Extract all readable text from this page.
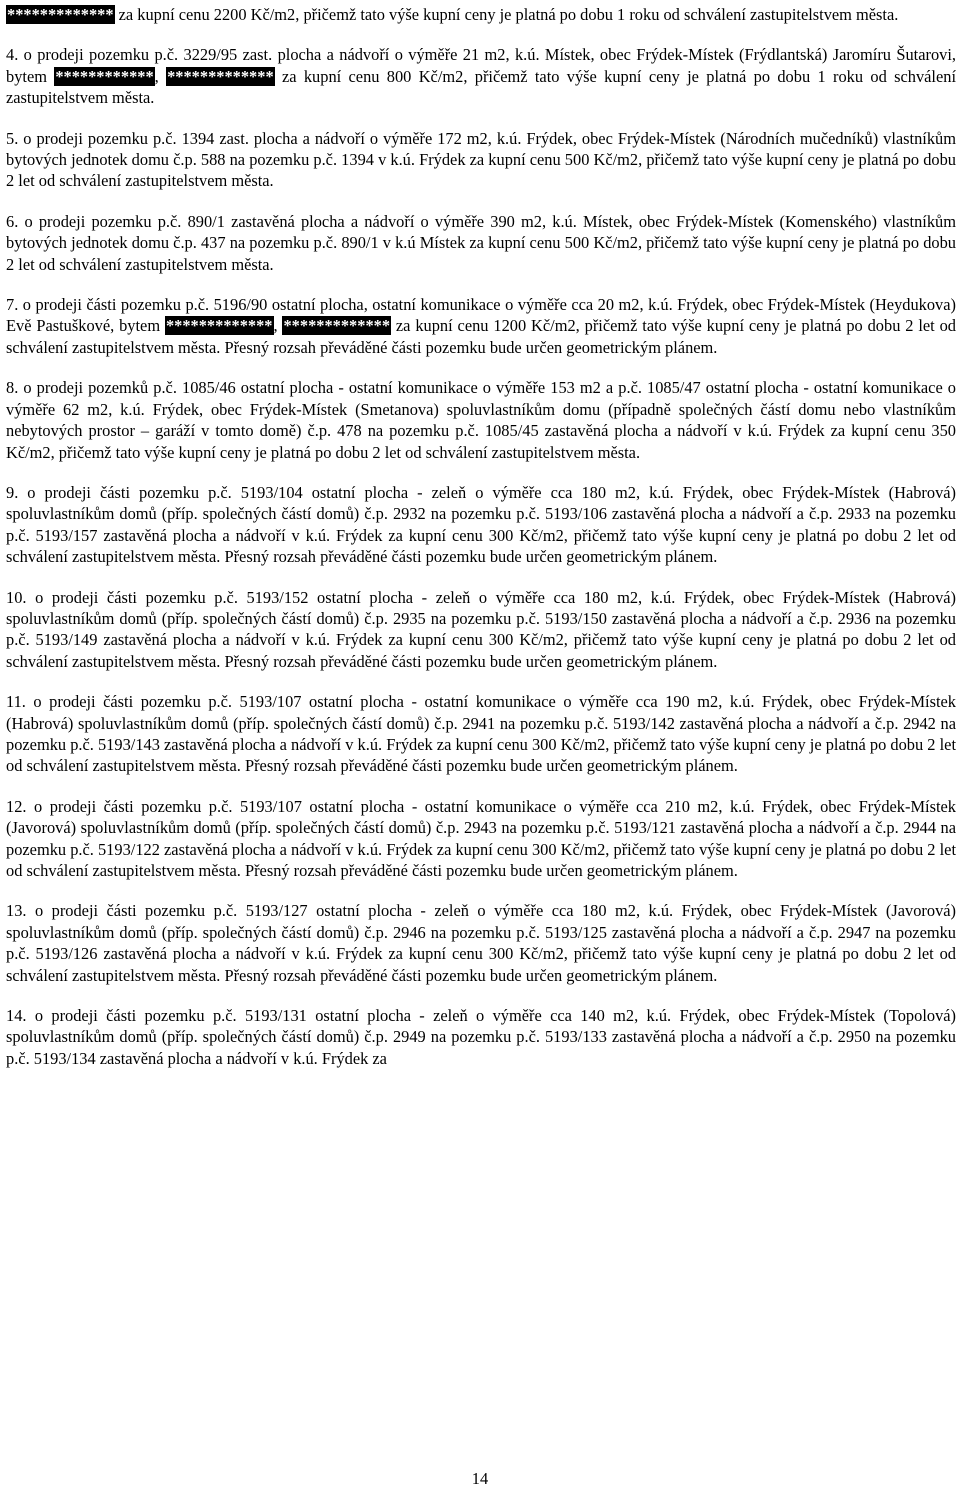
************* za kupní cenu 2200 Kč/m2, přičemž tato výše kupní ceny je platná po dobu 1 roku od schválení zastupitelstvem města.

4. o prodeji pozemku p.č. 3229/95 zast. plocha a nádvoří o výměře 21 m2, k.ú. Místek, obec Frýdek-Místek (Frýdlantská) Jaromíru Šutarovi, bytem ************, ************* za kupní cenu 800 Kč/m2, přičemž tato výše kupní ceny je platná po dobu 1 roku od schválení zastupitelstvem města.

5. o prodeji pozemku p.č. 1394 zast. plocha a nádvoří o výměře 172 m2, k.ú. Frýdek, obec Frýdek-Místek (Národních mučedníků) vlastníkům bytových jednotek domu č.p. 588 na pozemku p.č. 1394 v k.ú. Frýdek za kupní cenu 500 Kč/m2, přičemž tato výše kupní ceny je platná po dobu 2 let od schválení zastupitelstvem města.

6. o prodeji pozemku p.č. 890/1 zastavěná plocha a nádvoří o výměře 390 m2, k.ú. Místek, obec Frýdek-Místek (Komenského) vlastníkům bytových jednotek domu č.p. 437 na pozemku p.č. 890/1 v k.ú Místek za kupní cenu 500 Kč/m2, přičemž tato výše kupní ceny je platná po dobu 2 let od schválení zastupitelstvem města.

7. o prodeji části pozemku p.č. 5196/90 ostatní plocha, ostatní komunikace o výměře cca 20 m2, k.ú. Frýdek, obec Frýdek-Místek (Heydukova) Evě Pastuškové, bytem *************, ************* za kupní cenu 1200 Kč/m2, přičemž tato výše kupní ceny je platná po dobu 2 let od schválení zastupitelstvem města. Přesný rozsah převáděné části pozemku bude určen geometrickým plánem.

8. o prodeji pozemků p.č. 1085/46 ostatní plocha - ostatní komunikace o výměře 153 m2 a p.č. 1085/47 ostatní plocha - ostatní komunikace o výměře 62 m2, k.ú. Frýdek, obec Frýdek-Místek (Smetanova) spoluvlastníkům domu (případně společných částí domu nebo vlastníkům nebytových prostor – garáží v tomto domě) č.p. 478 na pozemku p.č. 1085/45 zastavěná plocha a nádvoří v k.ú. Frýdek za kupní cenu 350 Kč/m2, přičemž tato výše kupní ceny je platná po dobu 2 let od schválení zastupitelstvem města.

9. o prodeji části pozemku p.č. 5193/104 ostatní plocha - zeleň o výměře cca 180 m2, k.ú. Frýdek, obec Frýdek-Místek (Habrová) spoluvlastníkům domů (příp. společných částí domů) č.p. 2932 na pozemku p.č. 5193/106 zastavěná plocha a nádvoří a č.p. 2933 na pozemku p.č. 5193/157 zastavěná plocha a nádvoří v k.ú. Frýdek za kupní cenu 300 Kč/m2, přičemž tato výše kupní ceny je platná po dobu 2 let od schválení zastupitelstvem města. Přesný rozsah převáděné části pozemku bude určen geometrickým plánem.

10. o prodeji části pozemku p.č. 5193/152 ostatní plocha - zeleň o výměře cca 180 m2, k.ú. Frýdek, obec Frýdek-Místek (Habrová) spoluvlastníkům domů (příp. společných částí domů) č.p. 2935 na pozemku p.č. 5193/150 zastavěná plocha a nádvoří a č.p. 2936 na pozemku p.č. 5193/149 zastavěná plocha a nádvoří v k.ú. Frýdek za kupní cenu 300 Kč/m2, přičemž tato výše kupní ceny je platná po dobu 2 let od schválení zastupitelstvem města. Přesný rozsah převáděné části pozemku bude určen geometrickým plánem.

11. o prodeji části pozemku p.č. 5193/107 ostatní plocha - ostatní komunikace o výměře cca 190 m2, k.ú. Frýdek, obec Frýdek-Místek (Habrová) spoluvlastníkům domů (příp. společných částí domů) č.p. 2941 na pozemku p.č. 5193/142 zastavěná plocha a nádvoří a č.p. 2942 na pozemku p.č. 5193/143 zastavěná plocha a nádvoří v k.ú. Frýdek za kupní cenu 300 Kč/m2, přičemž tato výše kupní ceny je platná po dobu 2 let od schválení zastupitelstvem města. Přesný rozsah převáděné části pozemku bude určen geometrickým plánem.

12. o prodeji části pozemku p.č. 5193/107 ostatní plocha - ostatní komunikace o výměře cca 210 m2, k.ú. Frýdek, obec Frýdek-Místek (Javorová) spoluvlastníkům domů (příp. společných částí domů) č.p. 2943 na pozemku p.č. 5193/121 zastavěná plocha a nádvoří a č.p. 2944 na pozemku p.č. 5193/122 zastavěná plocha a nádvoří v k.ú. Frýdek za kupní cenu 300 Kč/m2, přičemž tato výše kupní ceny je platná po dobu 2 let od schválení zastupitelstvem města. Přesný rozsah převáděné části pozemku bude určen geometrickým plánem.

13. o prodeji části pozemku p.č. 5193/127 ostatní plocha - zeleň o výměře cca 180 m2, k.ú. Frýdek, obec Frýdek-Místek (Javorová) spoluvlastníkům domů (příp. společných částí domů) č.p. 2946 na pozemku p.č. 5193/125 zastavěná plocha a nádvoří a č.p. 2947 na pozemku p.č. 5193/126 zastavěná plocha a nádvoří v k.ú. Frýdek za kupní cenu 300 Kč/m2, přičemž tato výše kupní ceny je platná po dobu 2 let od schválení zastupitelstvem města. Přesný rozsah převáděné části pozemku bude určen geometrickým plánem.

14. o prodeji části pozemku p.č. 5193/131 ostatní plocha - zeleň o výměře cca 140 m2, k.ú. Frýdek, obec Frýdek-Místek (Topolová) spoluvlastníkům domů (příp. společných částí domů) č.p. 2949 na pozemku p.č. 5193/133 zastavěná plocha a nádvoří a č.p. 2950 na pozemku p.č. 5193/134 zastavěná plocha a nádvoří v k.ú. Frýdek za

14
